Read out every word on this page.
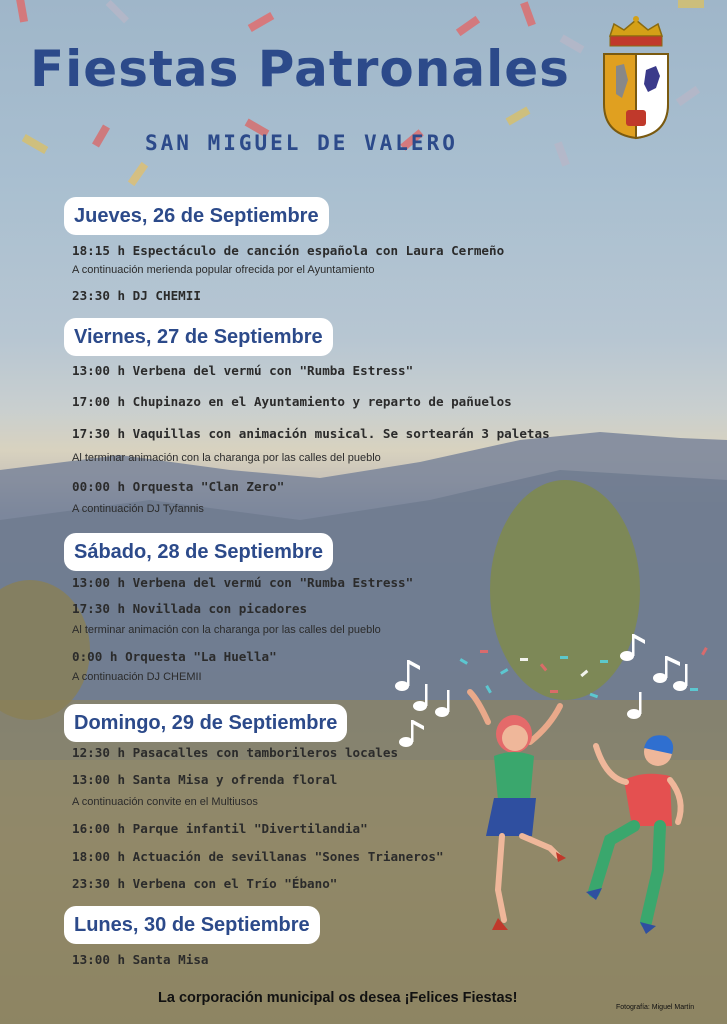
Fiestas Patronales
SAN MIGUEL DE VALERO
Jueves, 26 de Septiembre
18:15 h Espectáculo de canción española con Laura Cermeño
A continuación merienda popular ofrecida por el Ayuntamiento
23:30 h DJ CHEMII
Viernes, 27 de Septiembre
13:00 h Verbena del vermú con "Rumba Estress"
17:00 h Chupinazo en el Ayuntamiento y reparto de pañuelos
17:30 h Vaquillas con animación musical. Se sortearán 3 paletas
Al terminar animación con la charanga por las calles del pueblo
00:00 h Orquesta "Clan Zero"
A continuación DJ Tyfannis
Sábado, 28 de Septiembre
13:00 h Verbena del vermú con "Rumba Estress"
17:30 h Novillada con picadores
Al terminar animación con la charanga por las calles del pueblo
0:00 h Orquesta "La Huella"
A continuación DJ CHEMII
Domingo, 29 de Septiembre
12:30 h Pasacalles con tamborileros locales
13:00 h Santa Misa y ofrenda floral
A continuación convite en el Multiusos
16:00 h Parque infantil "Divertilandia"
18:00 h Actuación de sevillanas "Sones Trianeros"
23:30 h Verbena con el Trío "Ébano"
Lunes, 30 de Septiembre
13:00 h Santa Misa
La corporación municipal os desea ¡Felices Fiestas!
Fotografía: Miguel Martín
